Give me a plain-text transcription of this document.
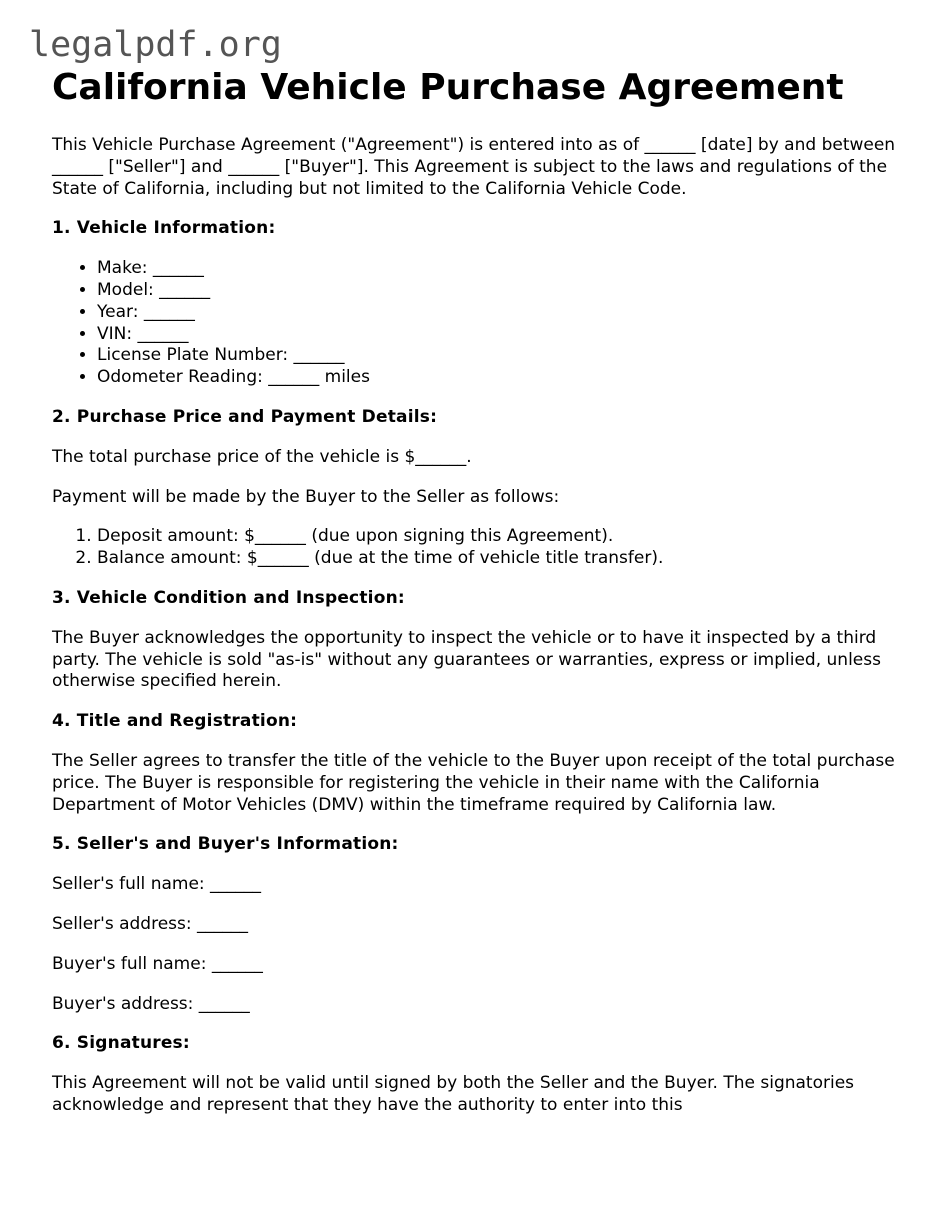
legalpdf.org
California Vehicle Purchase Agreement

This Vehicle Purchase Agreement ("Agreement") is entered into as of ______ [date] by and between ______ ["Seller"] and ______ ["Buyer"]. This Agreement is subject to the laws and regulations of the State of California, including but not limited to the California Vehicle Code.

1. Vehicle Information:
• Make: ______
• Model: ______
• Year: ______
• VIN: ______
• License Plate Number: ______
• Odometer Reading: ______ miles
2. Purchase Price and Payment Details:

The total purchase price of the vehicle is $______.

Payment will be made by the Buyer to the Seller as follows:

1. Deposit amount: $______ (due upon signing this Agreement).
2. Balance amount: $______ (due at the time of vehicle title transfer).
3. Vehicle Condition and Inspection:

The Buyer acknowledges the opportunity to inspect the vehicle or to have it inspected by a third party. The vehicle is sold "as-is" without any guarantees or warranties, express or implied, unless otherwise specified herein.

4. Title and Registration:

The Seller agrees to transfer the title of the vehicle to the Buyer upon receipt of the total purchase price. The Buyer is responsible for registering the vehicle in their name with the California Department of Motor Vehicles (DMV) within the timeframe required by California law.

5. Seller's and Buyer's Information:

Seller's full name: ______

Seller's address: ______

Buyer's full name: ______

Buyer's address: ______

6. Signatures:

This Agreement will not be valid until signed by both the Seller and the Buyer. The signatories acknowledge and represent that they have the authority to enter into this
